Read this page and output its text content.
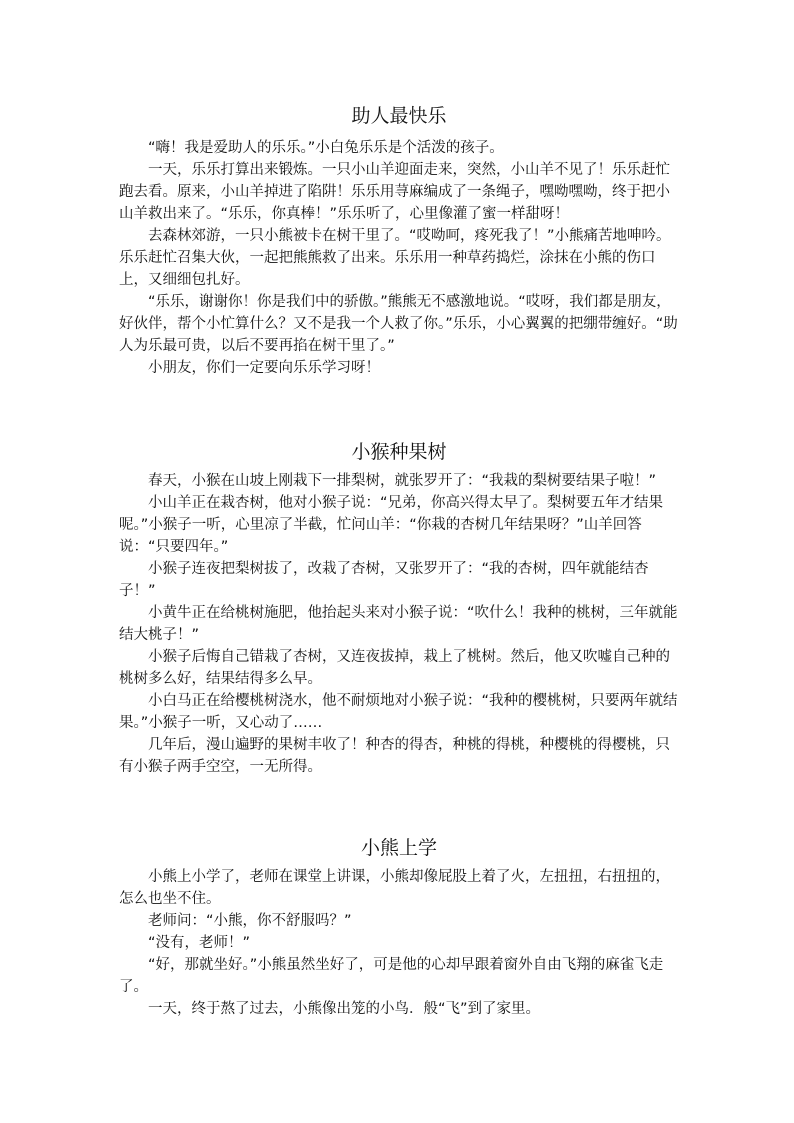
助人最快乐

“嗨！我是爱助人的乐乐。”小白兔乐乐是个活泼的孩子。

一天，乐乐打算出来锻炼。一只小山羊迎面走来，突然，小山羊不见了！乐乐赶忙跑去看。原来，小山羊掉进了陷阱！乐乐用荨麻编成了一条绳子，嘿呦嘿呦，终于把小山羊救出来了。“乐乐，你真棒！”乐乐听了，心里像灌了蜜一样甜呀！

去森林郊游，一只小熊被卡在树干里了。“哎呦呵，疼死我了！”小熊痛苦地呻吟。乐乐赶忙召集大伙，一起把熊熊救了出来。乐乐用一种草药捣烂，涂抹在小熊的伤口上，又细细包扎好。

“乐乐，谢谢你！你是我们中的骄傲。”熊熊无不感激地说。“哎呀，我们都是朋友，好伙伴，帮个小忙算什么？又不是我一个人救了你。”乐乐，小心翼翼的把绷带缠好。“助人为乐最可贵，以后不要再掐在树干里了。”

小朋友，你们一定要向乐乐学习呀！

小猴种果树

春天，小猴在山坡上刚栽下一排梨树，就张罗开了：“我栽的梨树要结果子啦！”

小山羊正在栽杏树，他对小猴子说：“兄弟，你高兴得太早了。梨树要五年才结果呢。”小猴子一听，心里凉了半截，忙问山羊：“你栽的杏树几年结果呀？”山羊回答说：“只要四年。”

小猴子连夜把梨树拔了，改栽了杏树，又张罗开了：“我的杏树，四年就能结杏子！”

小黄牛正在给桃树施肥，他抬起头来对小猴子说：“吹什么！我种的桃树，三年就能结大桃子！”

小猴子后悔自己错栽了杏树，又连夜拔掉，栽上了桃树。然后，他又吹嘘自己种的桃树多么好，结果结得多么早。

小白马正在给樱桃树浇水，他不耐烦地对小猴子说：“我种的樱桃树，只要两年就结果。”小猴子一听，又心动了……

几年后，漫山遍野的果树丰收了！种杏的得杏，种桃的得桃，种樱桃的得樱桃，只有小猴子两手空空，一无所得。

小熊上学

小熊上小学了，老师在课堂上讲课，小熊却像屁股上着了火，左扭扭，右扭扭的，怎么也坐不住。

老师问：“小熊，你不舒服吗？”

“没有，老师！”

“好，那就坐好。”小熊虽然坐好了，可是他的心却早跟着窗外自由飞翔的麻雀飞走了。

一天，终于熬了过去，小熊像出笼的小鸟．般“飞”到了家里。
